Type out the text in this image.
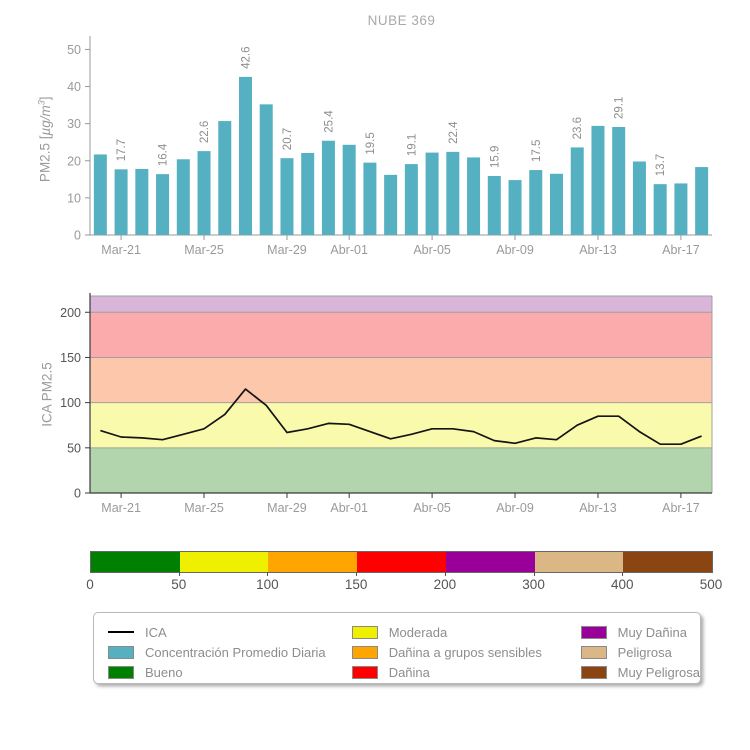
NUBE 369
PM2.5 $[\mu g/m^3]$
0
10
20
30
40
50
17.7	16.4
22.6
42.6
20.7
25.4
19.5	19.1
22.4
15.9	17.5
23.6
29.1
13.7
Mar-21	Mar-25	Mar-29 Abr-01	Abr-05	Abr-09	Abr-13	Abr-17
ICA PM2.5
0
50
100
150
200
Mar-21	Mar-25	Mar-29 Abr-01	Abr-05	Abr-09	Abr-13	Abr-17
0	50	100	150	200	300	400	500
ICA
Concentración Promedio Diaria
Bueno
Moderada
Dañina a grupos sensibles
Dañina
Muy Dañina
Peligrosa
Muy Peligrosa
